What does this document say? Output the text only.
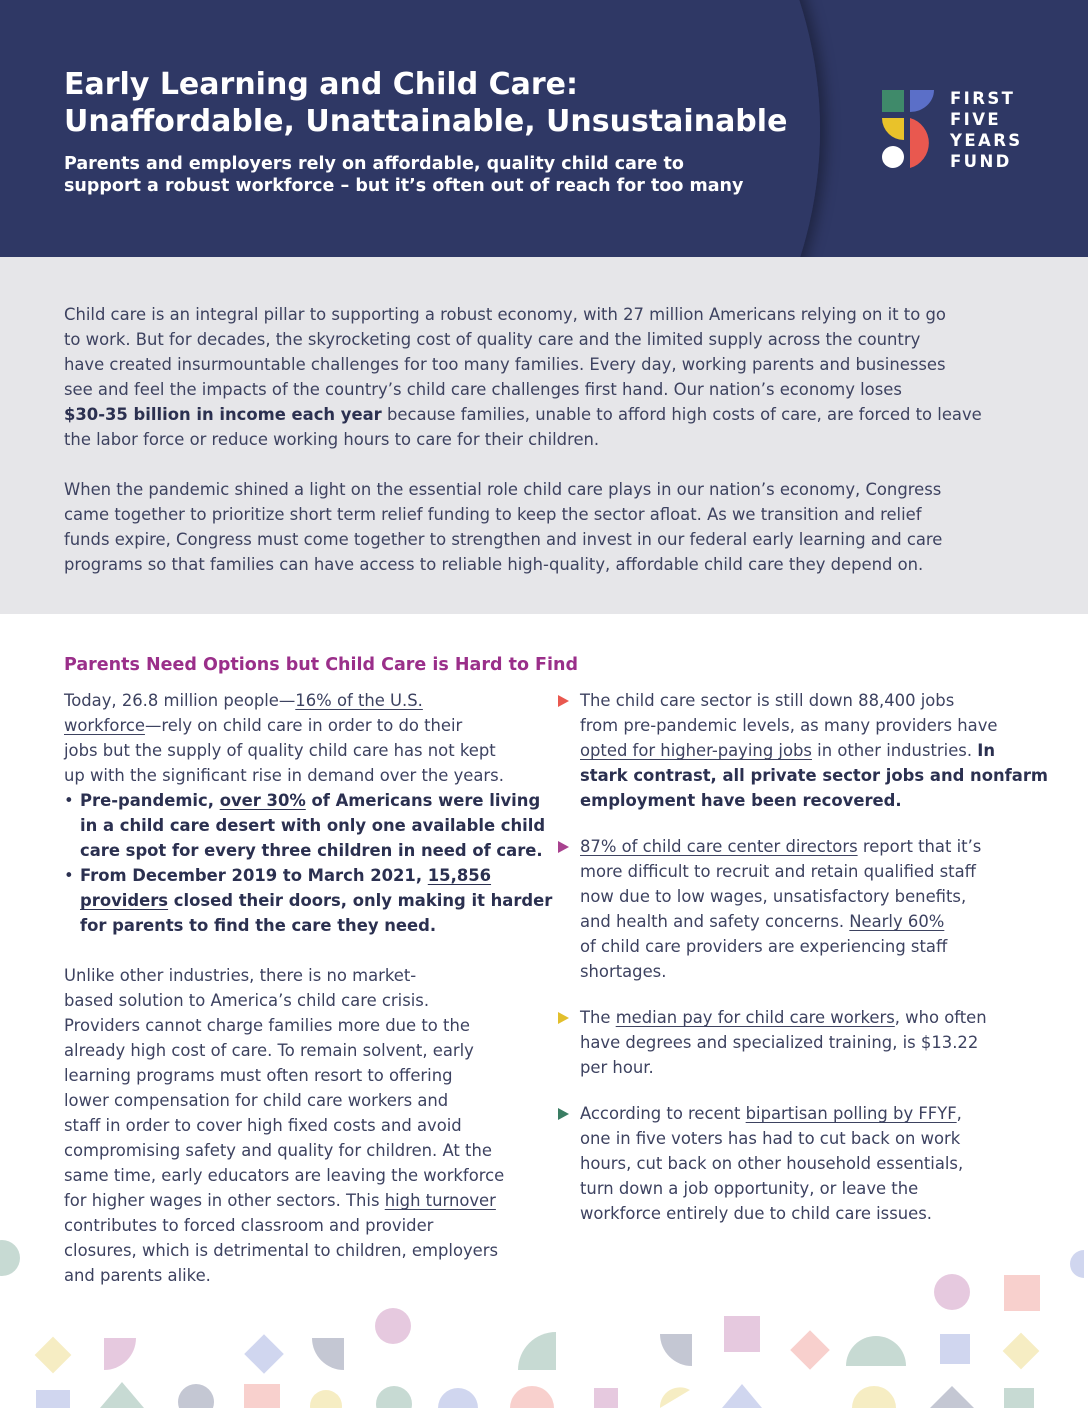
Early Learning and Child Care:
Unaffordable, Unattainable, Unsustainable

Parents and employers rely on affordable, quality child care to
support a robust workforce – but it’s often out of reach for too many

FIRST
FIVE
YEARS
FUND

Child care is an integral pillar to supporting a robust economy, with 27 million Americans relying on it to go
to work. But for decades, the skyrocketing cost of quality care and the limited supply across the country
have created insurmountable challenges for too many families. Every day, working parents and businesses
see and feel the impacts of the country’s child care challenges first hand. Our nation’s economy loses
$30-35 billion in income each year because families, unable to afford high costs of care, are forced to leave
the labor force or reduce working hours to care for their children.

When the pandemic shined a light on the essential role child care plays in our nation’s economy, Congress
came together to prioritize short term relief funding to keep the sector afloat. As we transition and relief
funds expire, Congress must come together to strengthen and invest in our federal early learning and care
programs so that families can have access to reliable high-quality, affordable child care they depend on.

Parents Need Options but Child Care is Hard to Find
Today, 26.8 million people—16% of the U.S.
workforce—rely on child care in order to do their
jobs but the supply of quality child care has not kept
up with the significant rise in demand over the years.
• Pre-pandemic, over 30% of Americans were living
in a child care desert with only one available child
care spot for every three children in need of care.
• From December 2019 to March 2021, 15,856
providers closed their doors, only making it harder
for parents to find the care they need.
Unlike other industries, there is no market-
based solution to America’s child care crisis.
Providers cannot charge families more due to the
already high cost of care. To remain solvent, early
learning programs must often resort to offering
lower compensation for child care workers and
staff in order to cover high fixed costs and avoid
compromising safety and quality for children. At the
same time, early educators are leaving the workforce
for higher wages in other sectors. This high turnover
contributes to forced classroom and provider
closures, which is detrimental to children, employers
and parents alike.
The child care sector is still down 88,400 jobs
from pre-pandemic levels, as many providers have
opted for higher-paying jobs in other industries. In
stark contrast, all private sector jobs and nonfarm
employment have been recovered.
87% of child care center directors report that it’s
more difficult to recruit and retain qualified staff
now due to low wages, unsatisfactory benefits,
and health and safety concerns. Nearly 60%
of child care providers are experiencing staff
shortages.
The median pay for child care workers, who often
have degrees and specialized training, is $13.22
per hour.
According to recent bipartisan polling by FFYF,
one in five voters has had to cut back on work
hours, cut back on other household essentials,
turn down a job opportunity, or leave the
workforce entirely due to child care issues.
